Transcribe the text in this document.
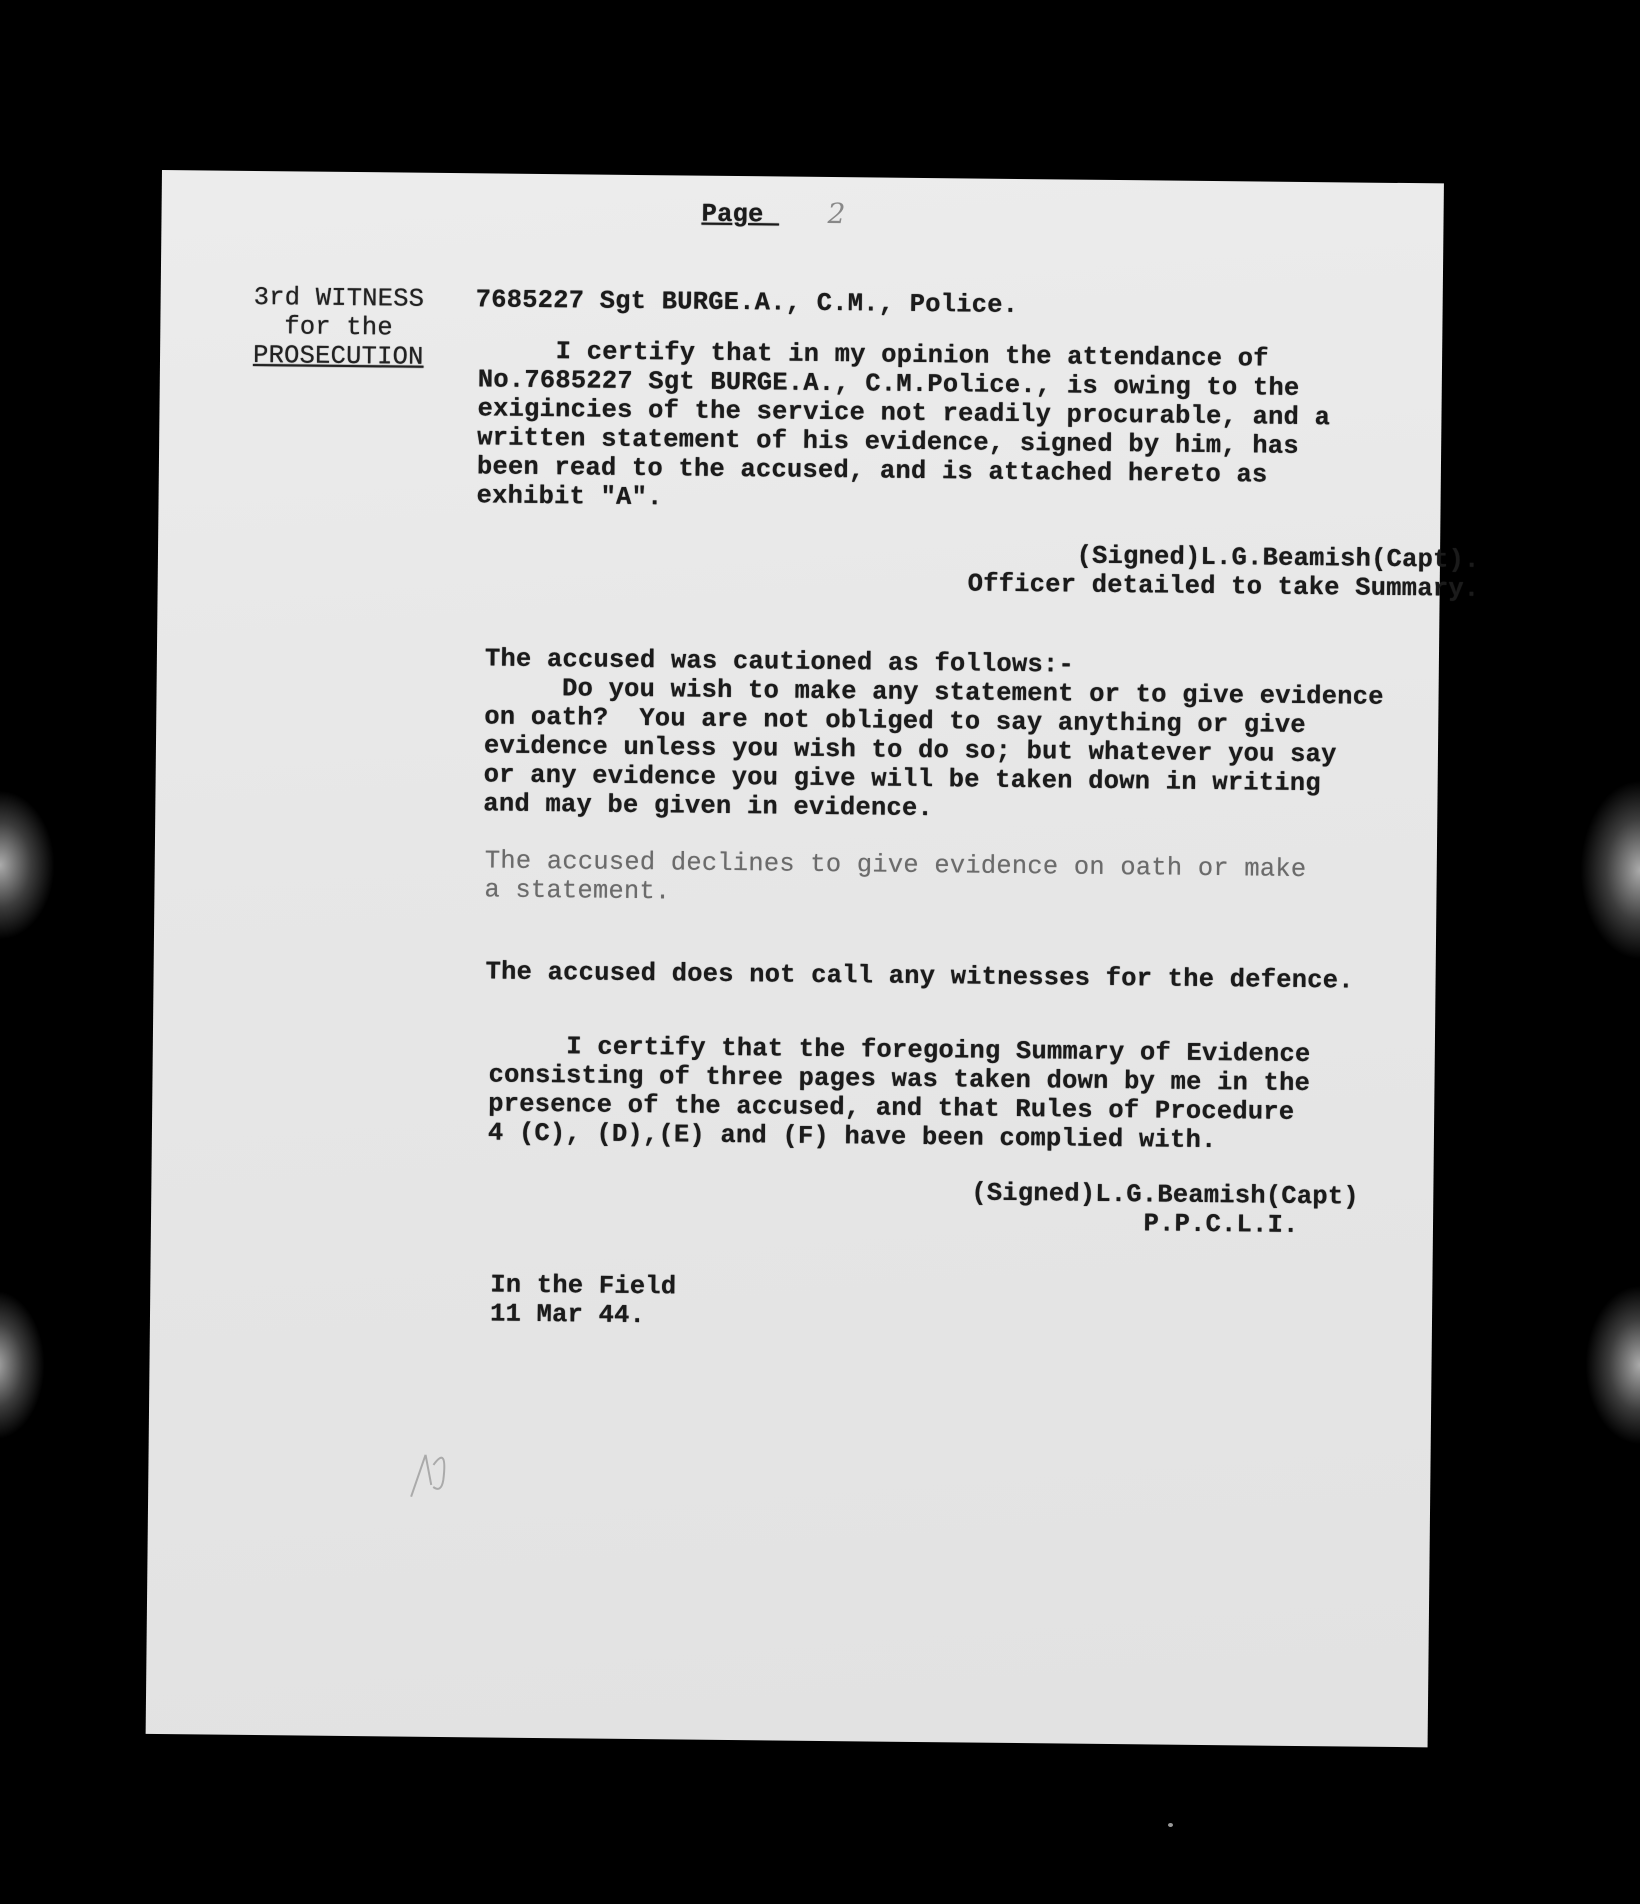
Page 2
3rd WITNESS
for the
PROSECUTION
7685227 Sgt BURGE.A., C.M., Police.
I certify that in my opinion the attendance of
No.7685227 Sgt BURGE.A., C.M.Police., is owing to the
exigincies of the service not readily procurable, and a
written statement of his evidence, signed by him, has
been read to the accused, and is attached hereto as
exhibit "A".
(Signed)L.G.Beamish(Capt).
Officer detailed to take Summary.
The accused was cautioned as follows:-
Do you wish to make any statement or to give evidence
on oath?  You are not obliged to say anything or give
evidence unless you wish to do so; but whatever you say
or any evidence you give will be taken down in writing
and may be given in evidence.
The accused declines to give evidence on oath or make
a statement.
The accused does not call any witnesses for the defence.
I certify that the foregoing Summary of Evidence
consisting of three pages was taken down by me in the
presence of the accused, and that Rules of Procedure
4 (C), (D),(E) and (F) have been complied with.
(Signed)L.G.Beamish(Capt)
P.P.C.L.I.
In the Field
11 Mar 44.
